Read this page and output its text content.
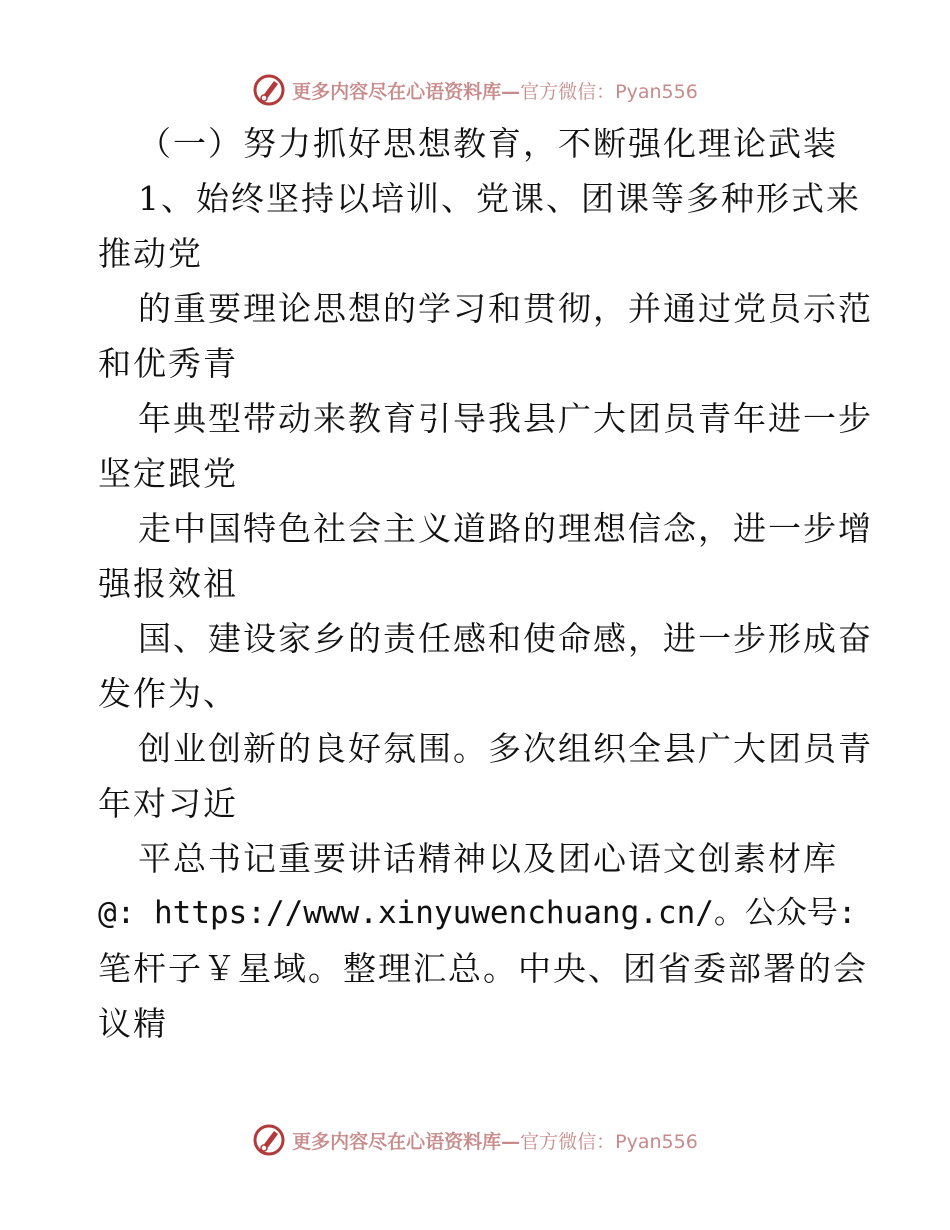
更多内容尽在心语资料库— 官方微信：Pyan556
（一）努力抓好思想教育，不断强化理论武装
1、始终坚持以培训、党课、团课等多种形式来
推动党
的重要理论思想的学习和贯彻，并通过党员示范
和优秀青
年典型带动来教育引导我县广大团员青年进一步
坚定跟党
走中国特色社会主义道路的理想信念，进一步增
强报效祖
国、建设家乡的责任感和使命感，进一步形成奋
发作为、
创业创新的良好氛围。多次组织全县广大团员青
年对习近
平总书记重要讲话精神以及团心语文创素材库
@: https://www.xinyuwenchuang.cn/。公众号:
笔杆子￥星域。整理汇总。中央、团省委部署的会
议精
更多内容尽在心语资料库— 官方微信：Pyan556
